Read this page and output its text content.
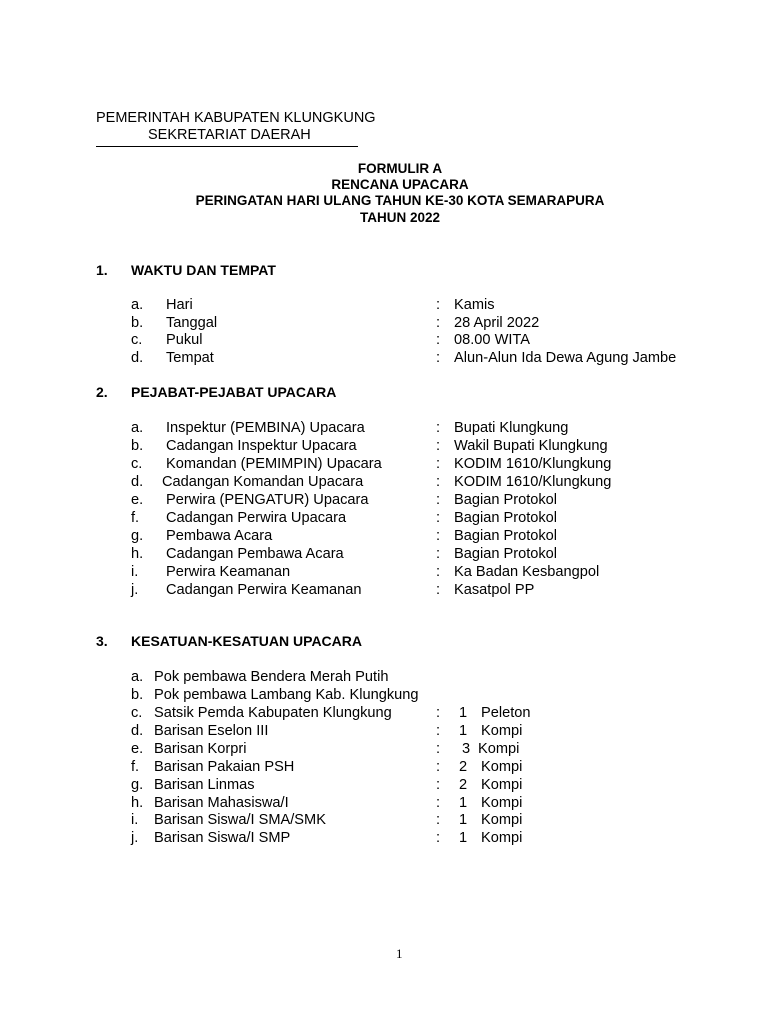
PEMERINTAH KABUPATEN KLUNGKUNG
SEKRETARIAT DAERAH
FORMULIR A
RENCANA UPACARA
PERINGATAN HARI ULANG TAHUN KE-30 KOTA SEMARAPURA
TAHUN 2022
1. WAKTU DAN TEMPAT
a. Hari	: Kamis
b. Tanggal	: 28 April 2022
c. Pukul	: 08.00 WITA
d. Tempat	: Alun-Alun Ida Dewa Agung Jambe
2. PEJABAT-PEJABAT UPACARA
a. Inspektur (PEMBINA) Upacara	: Bupati Klungkung
b. Cadangan Inspektur Upacara	: Wakil Bupati Klungkung
c. Komandan (PEMIMPIN) Upacara	: KODIM 1610/Klungkung
d. Cadangan Komandan Upacara	: KODIM 1610/Klungkung
e. Perwira (PENGATUR) Upacara	: Bagian Protokol
f. Cadangan Perwira Upacara	: Bagian Protokol
g. Pembawa Acara	: Bagian Protokol
h. Cadangan Pembawa Acara	: Bagian Protokol
i. Perwira Keamanan	: Ka Badan Kesbangpol
j. Cadangan Perwira Keamanan	: Kasatpol PP
3. KESATUAN-KESATUAN UPACARA
a. Pok pembawa Bendera Merah Putih
b. Pok pembawa Lambang Kab. Klungkung
c. Satsik Pemda Kabupaten Klungkung	: 1 Peleton
d. Barisan Eselon III	: 1 Kompi
e. Barisan Korpri	: 3 Kompi
f. Barisan Pakaian PSH	: 2 Kompi
g. Barisan Linmas	: 2 Kompi
h. Barisan Mahasiswa/I	: 1 Kompi
i. Barisan Siswa/I SMA/SMK	: 1 Kompi
j. Barisan Siswa/I SMP	: 1 Kompi
1
